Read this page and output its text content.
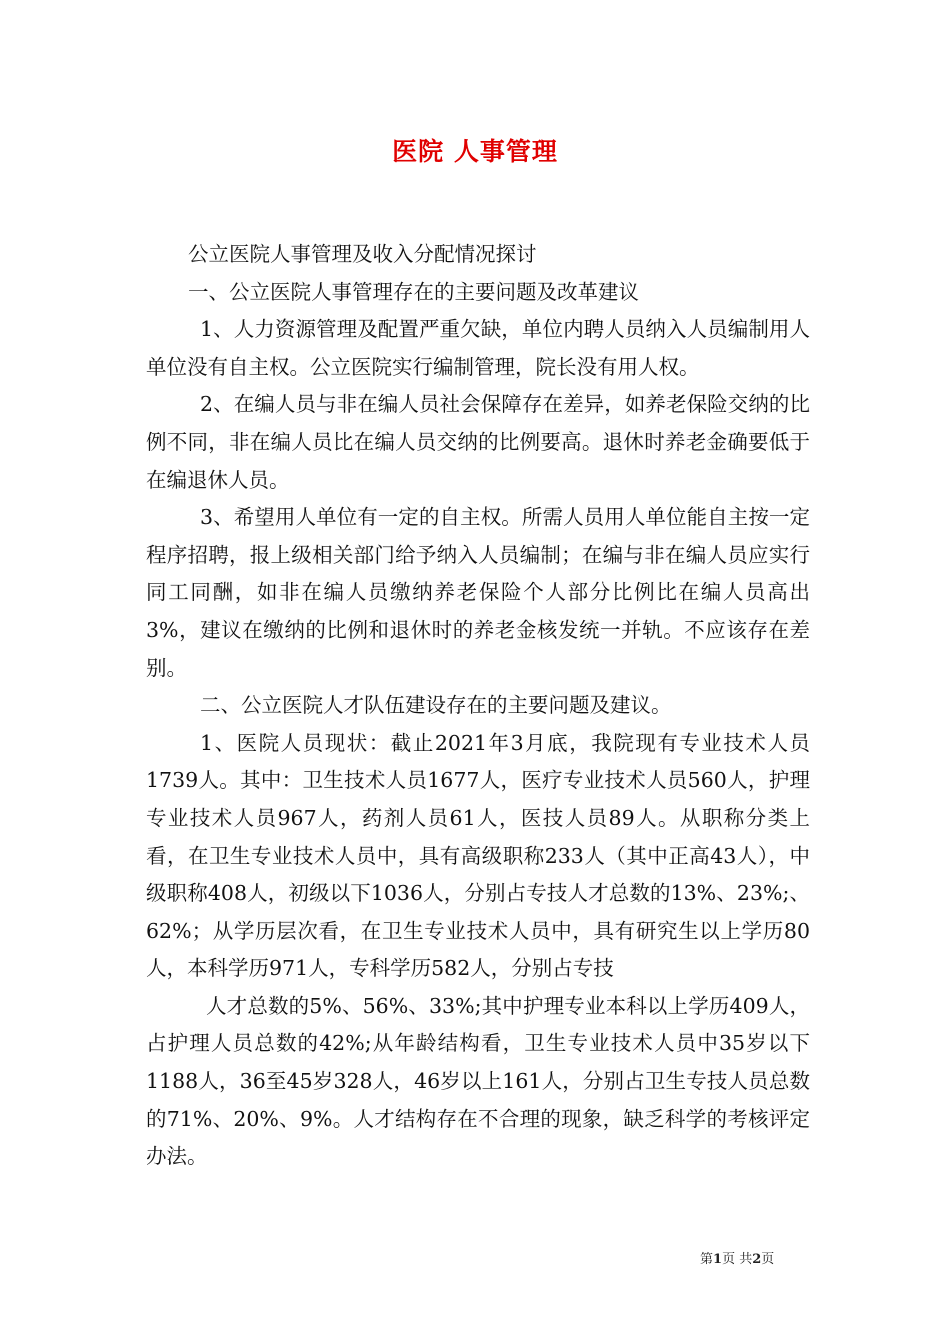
医院 人事管理

公立医院人事管理及收入分配情况探讨

一、公立医院人事管理存在的主要问题及改革建议

1、人力资源管理及配置严重欠缺，单位内聘人员纳入人员编制用人单位没有自主权。公立医院实行编制管理，院长没有用人权。

2、在编人员与非在编人员社会保障存在差异，如养老保险交纳的比例不同，非在编人员比在编人员交纳的比例要高。退休时养老金确要低于在编退休人员。

3、希望用人单位有一定的自主权。所需人员用人单位能自主按一定程序招聘，报上级相关部门给予纳入人员编制；在编与非在编人员应实行同工同酬，如非在编人员缴纳养老保险个人部分比例比在编人员高出3%，建议在缴纳的比例和退休时的养老金核发统一并轨。不应该存在差别。

二、公立医院人才队伍建设存在的主要问题及建议。

1、医院人员现状：截止2021年3月底，我院现有专业技术人员1739人。其中：卫生技术人员1677人，医疗专业技术人员560人，护理专业技术人员967人，药剂人员61人，医技人员89人。从职称分类上看，在卫生专业技术人员中，具有高级职称233人（其中正高43人），中级职称408人，初级以下1036人，分别占专技人才总数的13%、23%;、62%；从学历层次看，在卫生专业技术人员中，具有研究生以上学历80人，本科学历971人，专科学历582人，分别占专技

人才总数的5%、56%、33%;其中护理专业本科以上学历409人，占护理人员总数的42%;从年龄结构看，卫生专业技术人员中35岁以下1188人，36至45岁328人，46岁以上161人，分别占卫生专技人员总数的71%、20%、9%。人才结构存在不合理的现象，缺乏科学的考核评定办法。

第1页 共2页
